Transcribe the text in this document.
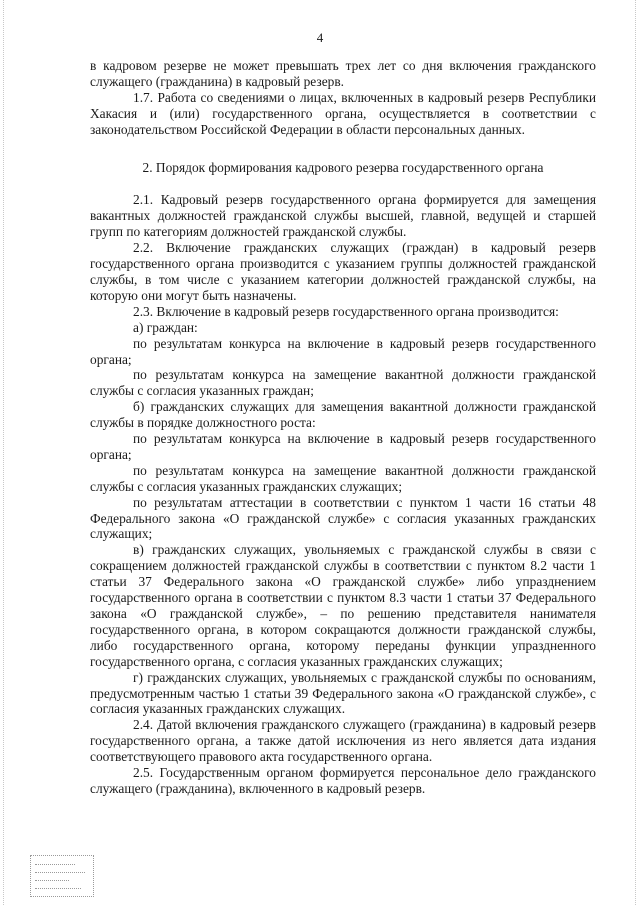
4

в кадровом резерве не может превышать трех лет со дня включения гражданского служащего (гражданина) в кадровый резерв.

1.7. Работа со сведениями о лицах, включенных в кадровый резерв Республики Хакасия и (или) государственного органа, осуществляется в соответствии с законодательством Российской Федерации в области персональных данных.

2. Порядок формирования кадрового резерва государственного органа

2.1. Кадровый резерв государственного органа формируется для замещения вакантных должностей гражданской службы высшей, главной, ведущей и старшей групп по категориям должностей гражданской службы.

2.2. Включение гражданских служащих (граждан) в кадровый резерв государственного органа производится с указанием группы должностей гражданской службы, в том числе с указанием категории должностей гражданской службы, на которую они могут быть назначены.

2.3. Включение в кадровый резерв государственного органа производится:

а) граждан:

по результатам конкурса на включение в кадровый резерв государственного органа;

по результатам конкурса на замещение вакантной должности гражданской службы с согласия указанных граждан;

б) гражданских служащих для замещения вакантной должности гражданской службы в порядке должностного роста:

по результатам конкурса на включение в кадровый резерв государственного органа;

по результатам конкурса на замещение вакантной должности гражданской службы с согласия указанных гражданских служащих;

по результатам аттестации в соответствии с пунктом 1 части 16 статьи 48 Федерального закона «О гражданской службе» с согласия указанных гражданских служащих;

в) гражданских служащих, увольняемых с гражданской службы в связи с сокращением должностей гражданской службы в соответствии с пунктом 8.2 части 1 статьи 37 Федерального закона «О гражданской службе» либо упразднением государственного органа в соответствии с пунктом 8.3 части 1 статьи 37 Федерального закона «О гражданской службе», – по решению представителя нанимателя государственного органа, в котором сокращаются должности гражданской службы, либо государственного органа, которому переданы функции упраздненного государственного органа, с согласия указанных гражданских служащих;

г) гражданских служащих, увольняемых с гражданской службы по основаниям, предусмотренным частью 1 статьи 39 Федерального закона «О гражданской службе», с согласия указанных гражданских служащих.

2.4. Датой включения гражданского служащего (гражданина) в кадровый резерв государственного органа, а также датой исключения из него является дата издания соответствующего правового акта государственного органа.

2.5. Государственным органом формируется персональное дело гражданского служащего (гражданина), включенного в кадровый резерв.
